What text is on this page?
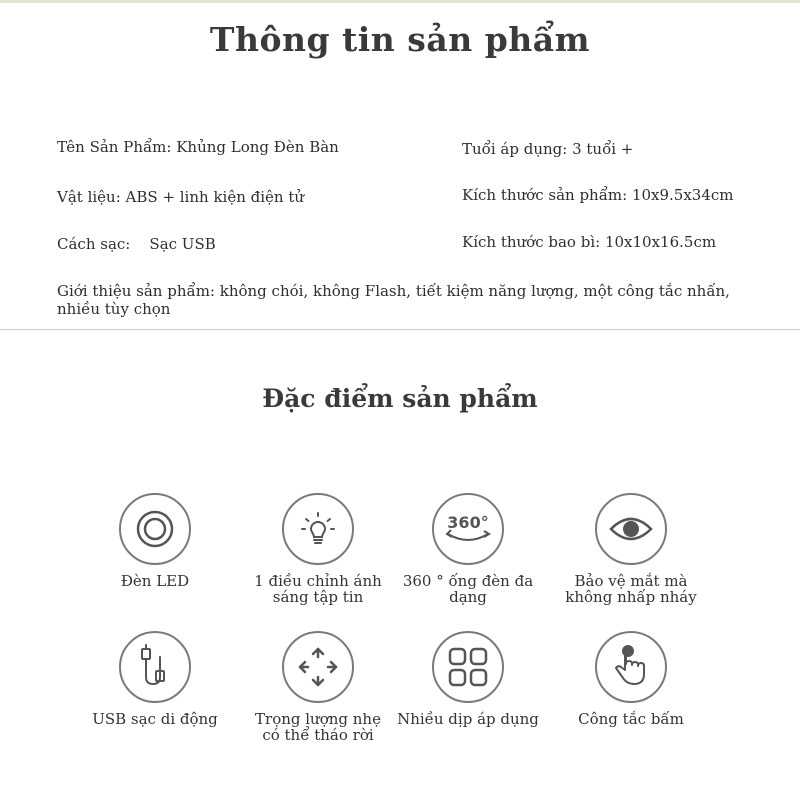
Thông tin sản phẩm
Tên Sản Phẩm: Khủng Long Đèn Bàn	Tuổi áp dụng: 3 tuổi +
Vật liệu: ABS + linh kiện điện tử	Kích thước sản phẩm: 10x9.5x34cm
Cách sạc:    Sạc USB	Kích thước bao bì: 10x10x16.5cm
Giới thiệu sản phẩm: không chói, không Flash, tiết kiệm năng lượng, một công tắc nhấn, nhiều tùy chọn
Đặc điểm sản phẩm
Đèn LED	1 điều chỉnh ánh sáng tập tin
360°
360 ° ống đèn đa dạng
Bảo vệ mắt mà không nhấp nháy
USB sạc di động	Trọng lượng nhẹ có thể tháo rời
Nhiều dịp áp dụng	Công tắc bấm
